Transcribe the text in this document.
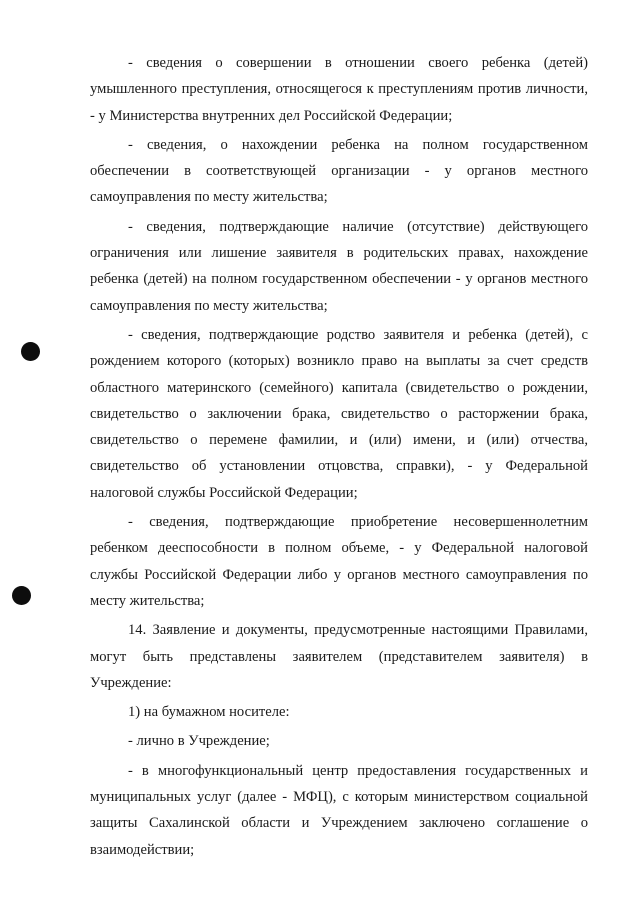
- сведения о совершении в отношении своего ребенка (детей) умышленного преступления, относящегося к преступлениям против личности, - у Министерства внутренних дел Российской Федерации;

- сведения, о нахождении ребенка на полном государственном обеспечении в соответствующей организации - у органов местного самоуправления по месту жительства;

- сведения, подтверждающие наличие (отсутствие) действующего ограничения или лишение заявителя в родительских правах, нахождение ребенка (детей) на полном государственном обеспечении - у органов местного самоуправления по месту жительства;

- сведения, подтверждающие родство заявителя и ребенка (детей), с рождением которого (которых) возникло право на выплаты за счет средств областного материнского (семейного) капитала (свидетельство о рождении, свидетельство о заключении брака, свидетельство о расторжении брака, свидетельство о перемене фамилии, и (или) имени, и (или) отчества, свидетельство об установлении отцовства, справки), - у Федеральной налоговой службы Российской Федерации;

- сведения, подтверждающие приобретение несовершеннолетним ребенком дееспособности в полном объеме, - у Федеральной налоговой службы Российской Федерации либо у органов местного самоуправления по месту жительства;

14. Заявление и документы, предусмотренные настоящими Правилами, могут быть представлены заявителем (представителем заявителя) в Учреждение:

1) на бумажном носителе:

- лично в Учреждение;

- в многофункциональный центр предоставления государственных и муниципальных услуг (далее - МФЦ), с которым министерством социальной защиты Сахалинской области и Учреждением заключено соглашение о взаимодействии;
